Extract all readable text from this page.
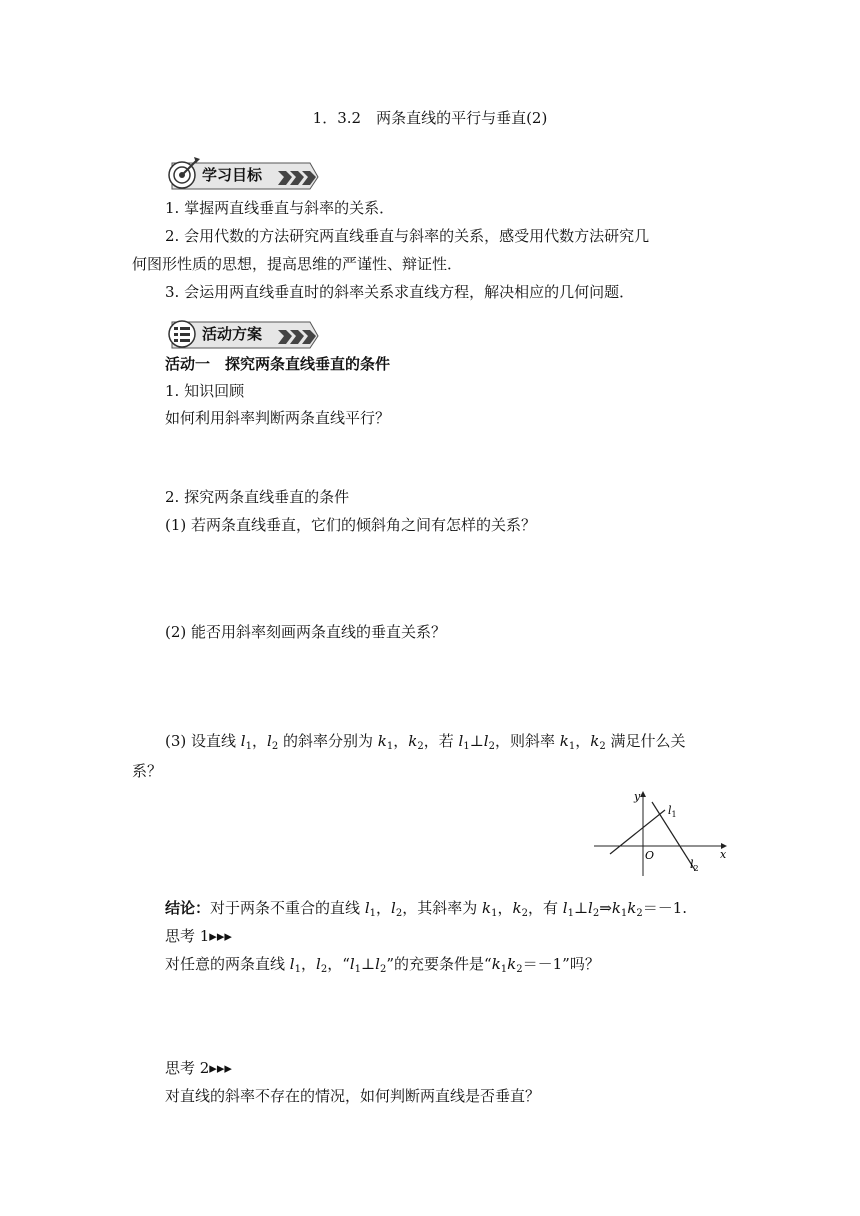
1．3.2　两条直线的平行与垂直(2)
学习目标
1. 掌握两直线垂直与斜率的关系．
2. 会用代数的方法研究两直线垂直与斜率的关系，感受用代数方法研究几
何图形性质的思想，提高思维的严谨性、辩证性．
3. 会运用两直线垂直时的斜率关系求直线方程，解决相应的几何问题．
活动方案
活动一　探究两条直线垂直的条件
1. 知识回顾
如何利用斜率判断两条直线平行？
2. 探究两条直线垂直的条件
(1) 若两条直线垂直，它们的倾斜角之间有怎样的关系？
(2) 能否用斜率刻画两条直线的垂直关系？
(3) 设直线 $l_1$，$l_2$ 的斜率分别为 $k_1$，$k_2$，若 $l_1\perp l_2$，则斜率 $k_1$，$k_2$ 满足什么关
系？
y
x
O
$l_1$
$l_2$
结论：对于两条不重合的直线 $l_1$，$l_2$，其斜率为 $k_1$，$k_2$，有 $l_1\perp l_2\Rightarrow k_1k_2=-1$.
思考 1▸▸▸
对任意的两条直线 $l_1$，$l_2$，“$l_1\perp l_2$”的充要条件是“$k_1k_2=-1$”吗？
思考 2▸▸▸
对直线的斜率不存在的情况，如何判断两直线是否垂直？
